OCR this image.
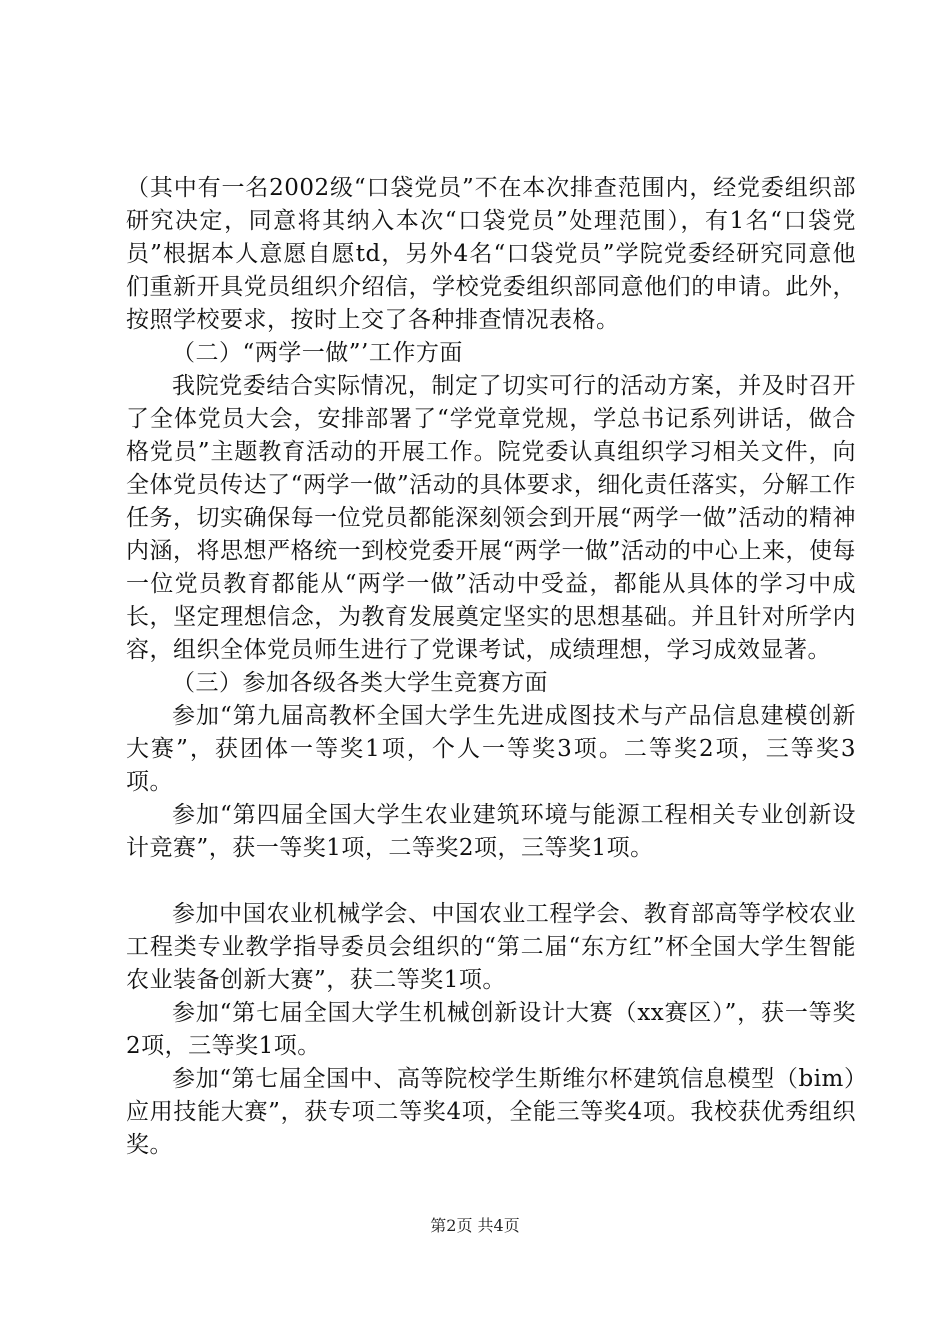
（其中有一名2002级“口袋党员”不在本次排查范围内，经党委组织部研究决定，同意将其纳入本次“口袋党员”处理范围），有1名“口袋党员”根据本人意愿自愿td，另外4名“口袋党员”学院党委经研究同意他们重新开具党员组织介绍信，学校党委组织部同意他们的申请。此外，按照学校要求，按时上交了各种排查情况表格。

（二）“两学一做”’工作方面

我院党委结合实际情况，制定了切实可行的活动方案，并及时召开了全体党员大会，安排部署了“学党章党规，学总书记系列讲话，做合格党员”主题教育活动的开展工作。院党委认真组织学习相关文件，向全体党员传达了“两学一做”活动的具体要求，细化责任落实，分解工作任务，切实确保每一位党员都能深刻领会到开展“两学一做”活动的精神内涵，将思想严格统一到校党委开展“两学一做”活动的中心上来，使每一位党员教育都能从“两学一做”活动中受益，都能从具体的学习中成长，坚定理想信念，为教育发展奠定坚实的思想基础。并且针对所学内容，组织全体党员师生进行了党课考试，成绩理想，学习成效显著。

（三）参加各级各类大学生竞赛方面

参加“第九届高教杯全国大学生先进成图技术与产品信息建模创新大赛”，获团体一等奖1项，个人一等奖3项。二等奖2项，三等奖3项。

参加“第四届全国大学生农业建筑环境与能源工程相关专业创新设计竞赛”，获一等奖1项，二等奖2项，三等奖1项。

参加中国农业机械学会、中国农业工程学会、教育部高等学校农业工程类专业教学指导委员会组织的“第二届“东方红”杯全国大学生智能农业装备创新大赛”，获二等奖1项。

参加“第七届全国大学生机械创新设计大赛（xx赛区）”，获一等奖2项，三等奖1项。

参加“第七届全国中、高等院校学生斯维尔杯建筑信息模型（bim）应用技能大赛”，获专项二等奖4项，全能三等奖4项。我校获优秀组织奖。

第2页 共4页
